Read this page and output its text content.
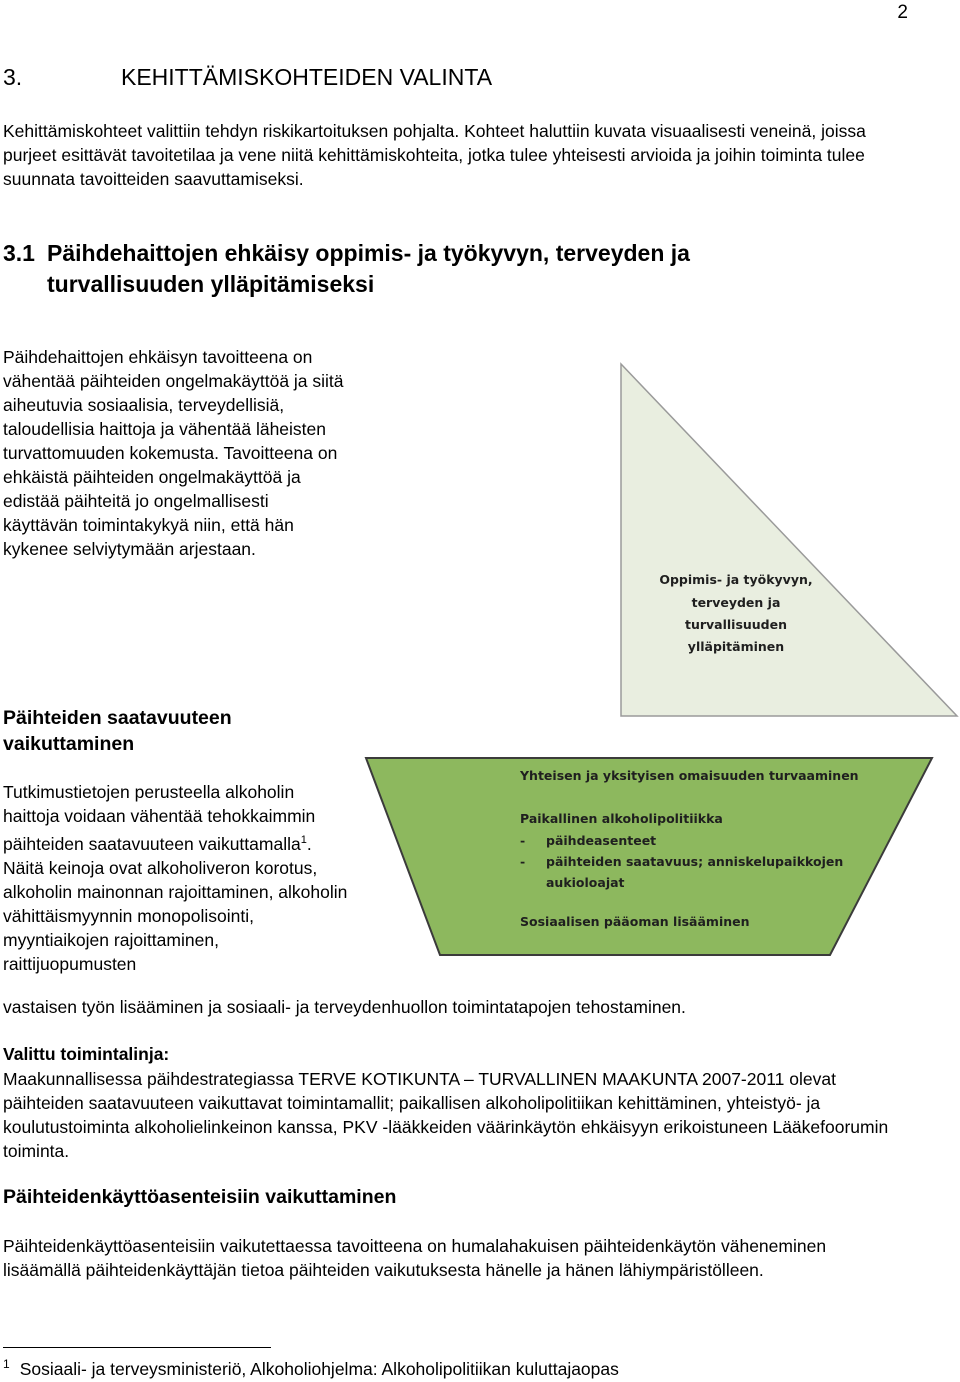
Oppimis- ja työkyvyn,
terveyden ja
turvallisuuden
ylläpitäminen
Yhteisen ja yksityisen omaisuuden turvaaminen
Paikallinen alkoholipolitiikka
- päihdeasenteet
- päihteiden saatavuus; anniskelupaikkojen
aukioloajat
Sosiaalisen pääoman lisääminen
2
3.	KEHITTÄMISKOHTEIDEN VALINTA

Kehittämiskohteet valittiin tehdyn riskikartoituksen pohjalta. Kohteet haluttiin kuvata visuaalisesti veneinä, joissa purjeet esittävät tavoitetilaa ja vene niitä kehittämiskohteita, jotka tulee yhteisesti arvioida ja joihin toiminta tulee suunnata tavoitteiden saavuttamiseksi.

3.1 Päihdehaittojen ehkäisy oppimis- ja työkyvyn, terveyden ja
turvallisuuden ylläpitämiseksi

Päihdehaittojen ehkäisyn tavoitteena on vähentää päihteiden ongelmakäyttöä ja siitä aiheutuvia sosiaalisia, terveydellisiä, taloudellisia haittoja ja vähentää läheisten turvattomuuden kokemusta. Tavoitteena on ehkäistä päihteiden ongelmakäyttöä ja edistää päihteitä jo ongelmallisesti käyttävän toimintakykyä niin, että hän kykenee selviytymään arjestaan.

Päihteiden saatavuuteen
vaikuttaminen

Tutkimustietojen perusteella alkoholin haittoja voidaan vähentää tehokkaimmin päihteiden saatavuuteen vaikuttamalla$^1$. Näitä keinoja ovat alkoholiveron korotus, alkoholin mainonnan rajoittaminen, alkoholin vähittäismyynnin monopolisointi, myyntiaikojen rajoittaminen, raittijuopumusten

vastaisen työn lisääminen ja sosiaali- ja terveydenhuollon toimintatapojen tehostaminen.

Valittu toimintalinja:

Maakunnallisessa päihdestrategiassa TERVE KOTIKUNTA – TURVALLINEN MAAKUNTA 2007-2011 olevat päihteiden saatavuuteen vaikuttavat toimintamallit; paikallisen alkoholipolitiikan kehittäminen, yhteistyö- ja koulutustoiminta alkoholielinkeinon kanssa, PKV -lääkkeiden väärinkäytön ehkäisyyn erikoistuneen Lääkefoorumin toiminta.

Päihteidenkäyttöasenteisiin vaikuttaminen

Päihteidenkäyttöasenteisiin vaikutettaessa tavoitteena on humalahakuisen päihteidenkäytön väheneminen lisäämällä päihteidenkäyttäjän tietoa päihteiden vaikutuksesta hänelle ja hänen lähiympäristölleen.

$^1$ Sosiaali- ja terveysministeriö, Alkoholiohjelma: Alkoholipolitiikan kuluttajaopas
